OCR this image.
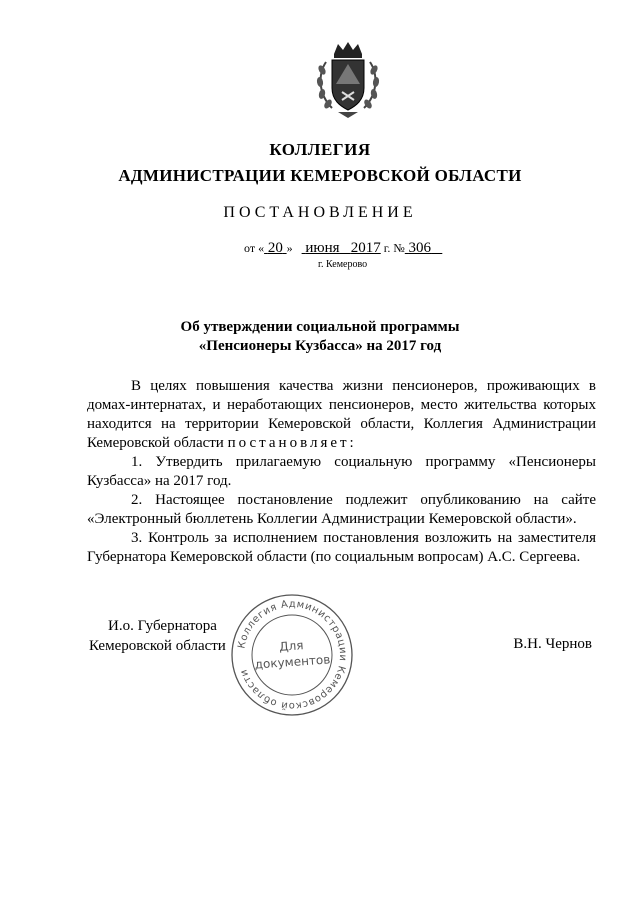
КОЛЛЕГИЯ
АДМИНИСТРАЦИИ КЕМЕРОВСКОЙ ОБЛАСТИ
ПОСТАНОВЛЕНИЕ
от « 20 » июня 2017 г. № 306
г. Кемерово
Об утверждении социальной программы
«Пенсионеры Кузбасса» на 2017 год

В целях повышения качества жизни пенсионеров, проживающих в домах-интернатах, и неработающих пенсионеров, место жительства которых находится на территории Кемеровской области, Коллегия Администрации Кемеровской области постановляет:

1. Утвердить прилагаемую социальную программу «Пенсионеры Кузбасса» на 2017 год.

2. Настоящее постановление подлежит опубликованию на сайте «Электронный бюллетень Коллегии Администрации Кемеровской области».

3. Контроль за исполнением постановления возложить на заместителя Губернатора Кемеровской области (по социальным вопросам) А.С. Сергеева.

И.о. Губернатора
Кемеровской области	В.Н. Чернов
Коллегия Администрации Кемеровской области
Для
документов
